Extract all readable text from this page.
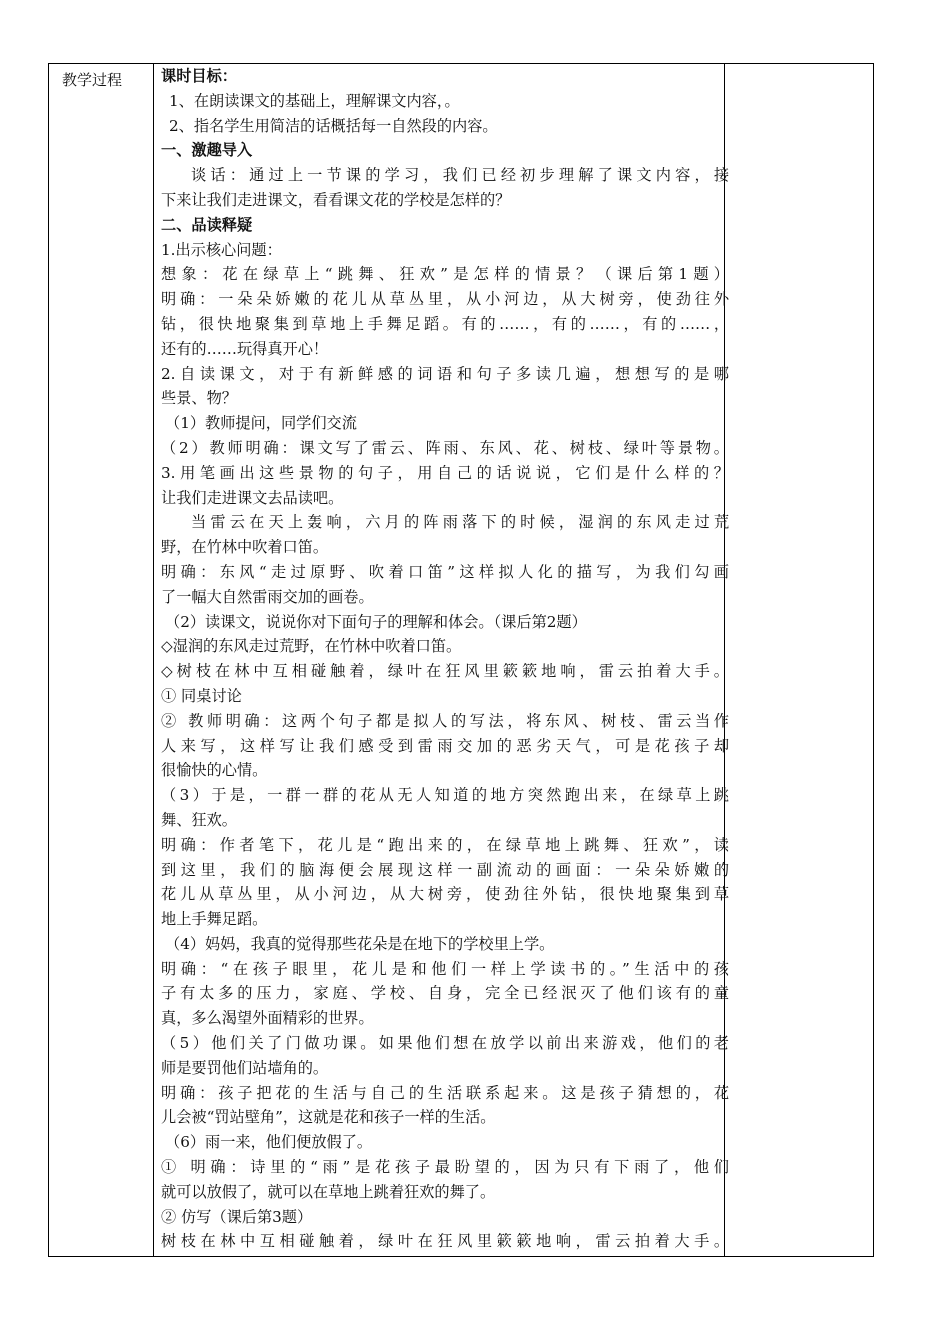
教学过程	课时目标：
1、在朗读课文的基础上，理解课文内容，。
2、指名学生用简洁的话概括每一自然段的内容。
一、激趣导入
谈话：通过上一节课的学习，我们已经初步理解了课文内容，接
下来让我们走进课文，看看课文花的学校是怎样的？
二、品读释疑
1.出示核心问题：
想象：花在绿草上“跳舞、狂欢”是怎样的情景？（课后第1题）
明确：一朵朵娇嫩的花儿从草丛里，从小河边，从大树旁，使劲往外
钻，很快地聚集到草地上手舞足蹈。有的……，有的……，有的……，
还有的……玩得真开心！
2.自读课文，对于有新鲜感的词语和句子多读几遍，想想写的是哪
些景、物？
（1）教师提问，同学们交流
（2）教师明确：课文写了雷云、阵雨、东风、花、树枝、绿叶等景物。
3.用笔画出这些景物的句子，用自己的话说说，它们是什么样的？
让我们走进课文去品读吧。
当雷云在天上轰响，六月的阵雨落下的时候，湿润的东风走过荒
野，在竹林中吹着口笛。
明确：东风“走过原野、吹着口笛”这样拟人化的描写，为我们勾画
了一幅大自然雷雨交加的画卷。
（2）读课文，说说你对下面句子的理解和体会。（课后第2题）
◇湿润的东风走过荒野，在竹林中吹着口笛。
◇树枝在林中互相碰触着，绿叶在狂风里簌簌地响，雷云拍着大手。
① 同桌讨论
② 教师明确：这两个句子都是拟人的写法，将东风、树枝、雷云当作
人来写，这样写让我们感受到雷雨交加的恶劣天气，可是花孩子却
很愉快的心情。
（3）于是，一群一群的花从无人知道的地方突然跑出来，在绿草上跳
舞、狂欢。
明确：作者笔下，花儿是“跑出来的，在绿草地上跳舞、狂欢”，读
到这里，我们的脑海便会展现这样一副流动的画面：一朵朵娇嫩的
花儿从草丛里，从小河边，从大树旁，使劲往外钻，很快地聚集到草
地上手舞足蹈。
（4）妈妈，我真的觉得那些花朵是在地下的学校里上学。
明确：“在孩子眼里，花儿是和他们一样上学读书的。”生活中的孩
子有太多的压力，家庭、学校、自身，完全已经泯灭了他们该有的童
真，多么渴望外面精彩的世界。
（5）他们关了门做功课。如果他们想在放学以前出来游戏，他们的老
师是要罚他们站墙角的。
明确：孩子把花的生活与自己的生活联系起来。这是孩子猜想的，花
儿会被“罚站壁角”，这就是花和孩子一样的生活。
（6）雨一来，他们便放假了。
① 明确：诗里的“雨”是花孩子最盼望的，因为只有下雨了，他们
就可以放假了，就可以在草地上跳着狂欢的舞了。
② 仿写（课后第3题）
树枝在林中互相碰触着，绿叶在狂风里簌簌地响，雷云拍着大手。
